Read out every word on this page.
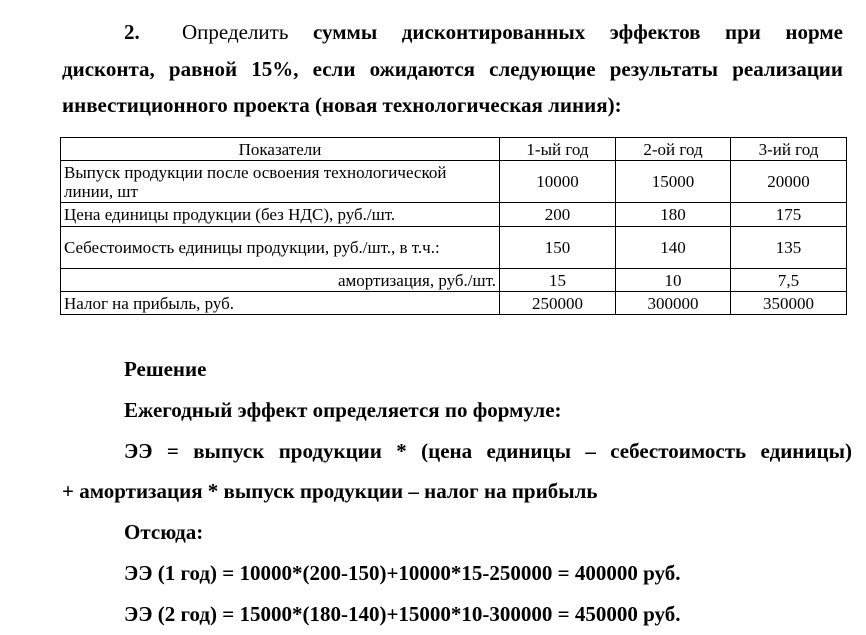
2. Определить суммы дисконтированных эффектов при норме дисконта, равной 15%, если ожидаются следующие результаты реализации инвестиционного проекта (новая технологическая линия):
Показатели	1-ый год	2-ой год	3-ий год
Выпуск продукции после освоения технологической линии, шт	10000	15000	20000
Цена единицы продукции (без НДС), руб./шт.	200	180	175
Себестоимость единицы продукции, руб./шт., в т.ч.:	150	140	135
амортизация, руб./шт.	15	10	7,5
Налог на прибыль, руб.	250000	300000	350000
Решение
Ежегодный эффект определяется по формуле:
ЭЭ = выпуск продукции * (цена единицы – себестоимость единицы)
+ амортизация * выпуск продукции – налог на прибыль
Отсюда:
ЭЭ (1 год) = 10000*(200-150)+10000*15-250000 = 400000 руб.
ЭЭ (2 год) = 15000*(180-140)+15000*10-300000 = 450000 руб.
